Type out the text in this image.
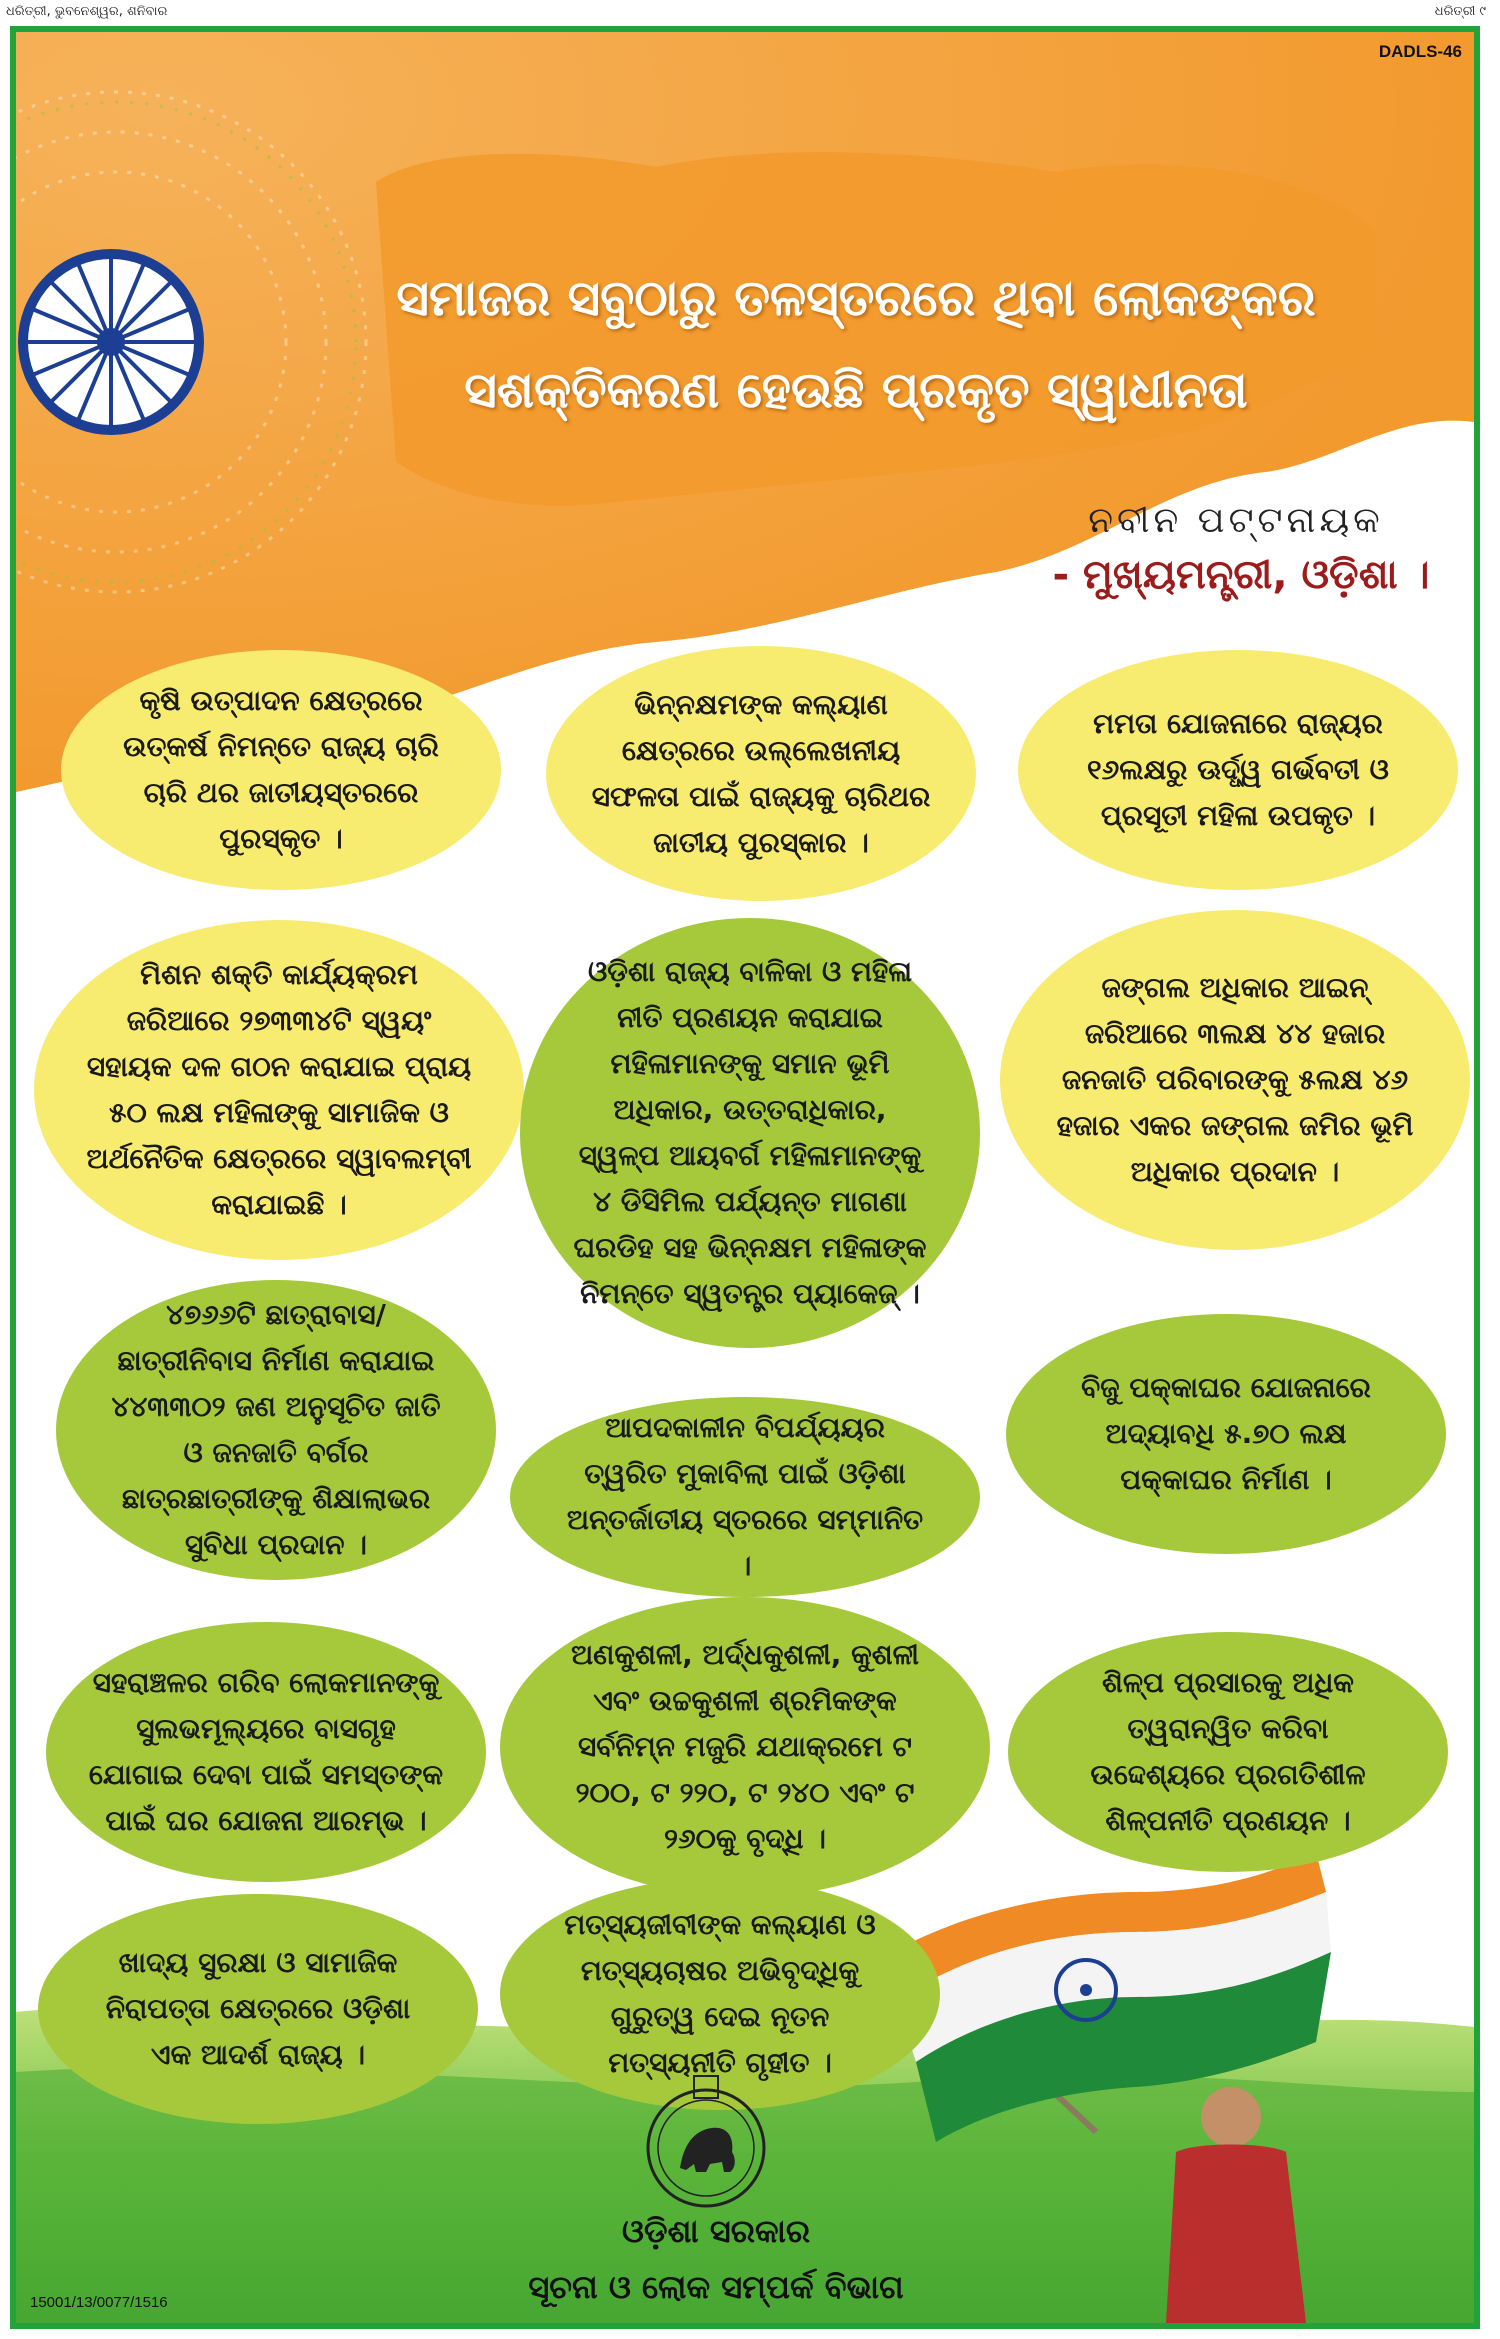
ଧରିତ୍ରୀ, ଭୁବନେଶ୍ୱର, ଶନିବାର	ଧରିତ୍ରୀ ୯
DADLS-46
ସମାଜର ସବୁଠାରୁ ତଳସ୍ତରରେ ଥିବା ଲୋକଙ୍କର
ସଶକ୍ତିକରଣ ହେଉଛି ପ୍ରକୃତ ସ୍ୱାଧୀନତା
ନବୀନ ପଟ୍ଟନାୟକ
- ମୁଖ୍ୟମନ୍ତ୍ରୀ, ଓଡ଼ିଶା ।
କୃଷି ଉତ୍ପାଦନ କ୍ଷେତ୍ରରେ ଉତ୍କର୍ଷ ନିମନ୍ତେ ରାଜ୍ୟ ଚାରି ଚାରି ଥର ଜାତୀୟସ୍ତରରେ ପୁରସ୍କୃତ ।
ଭିନ୍ନକ୍ଷମଙ୍କ କଲ୍ୟାଣ କ୍ଷେତ୍ରରେ ଉଲ୍ଲେଖନୀୟ ସଫଳତା ପାଇଁ ରାଜ୍ୟକୁ ଚାରିଥର ଜାତୀୟ ପୁରସ୍କାର ।
ମମତା ଯୋଜନାରେ ରାଜ୍ୟର ୧୬ଲକ୍ଷରୁ ଊର୍ଦ୍ଧ୍ୱ ଗର୍ଭବତୀ ଓ ପ୍ରସୂତୀ ମହିଳା ଉପକୃତ ।
ମିଶନ ଶକ୍ତି କାର୍ଯ୍ୟକ୍ରମ ଜରିଆରେ ୨୭୩୩୪ଟି ସ୍ୱୟଂ ସହାୟକ ଦଳ ଗଠନ କରାଯାଇ ପ୍ରାୟ ୫୦ ଲକ୍ଷ ମହିଳାଙ୍କୁ ସାମାଜିକ ଓ ଅର୍ଥନୈତିକ କ୍ଷେତ୍ରରେ ସ୍ୱାବଲମ୍ବୀ କରାଯାଇଛି ।
ଓଡ଼ିଶା ରାଜ୍ୟ ବାଳିକା ଓ ମହିଳା ନୀତି ପ୍ରଣୟନ କରାଯାଇ ମହିଳାମାନଙ୍କୁ ସମାନ ଭୂମି ଅଧିକାର, ଉତ୍ତରାଧିକାର, ସ୍ୱଳ୍ପ ଆୟବର୍ଗ ମହିଳାମାନଙ୍କୁ ୪ ଡିସିମିଲ ପର୍ଯ୍ୟନ୍ତ ମାଗଣା ଘରଡିହ ସହ ଭିନ୍ନକ୍ଷମ ମହିଳାଙ୍କ ନିମନ୍ତେ ସ୍ୱତନ୍ତ୍ର ପ୍ୟାକେଜ୍ ।
ଜଙ୍ଗଲ ଅଧିକାର ଆଇନ୍ ଜରିଆରେ ୩ଲକ୍ଷ ୪୪ ହଜାର ଜନଜାତି ପରିବାରଙ୍କୁ ୫ଲକ୍ଷ ୪୬ ହଜାର ଏକର ଜଙ୍ଗଲ ଜମିର ଭୂମି ଅଧିକାର ପ୍ରଦାନ ।
୪୭୬୬ଟି ଛାତ୍ରାବାସ/ଛାତ୍ରୀନିବାସ ନିର୍ମାଣ କରାଯାଇ ୪୪୩୩୦୨ ଜଣ ଅନୁସୂଚିତ ଜାତି ଓ ଜନଜାତି ବର୍ଗର ଛାତ୍ରଛାତ୍ରୀଙ୍କୁ ଶିକ୍ଷାଲାଭର ସୁବିଧା ପ୍ରଦାନ ।
ଆପଦକାଳୀନ ବିପର୍ଯ୍ୟୟର ତ୍ୱରିତ ମୁକାବିଲା ପାଇଁ ଓଡ଼ିଶା ଅନ୍ତର୍ଜାତୀୟ ସ୍ତରରେ ସମ୍ମାନିତ ।
ବିଜୁ ପକ୍କାଘର ଯୋଜନାରେ ଅଦ୍ୟାବଧି ୫.୭୦ ଲକ୍ଷ ପକ୍କାଘର ନିର୍ମାଣ ।
ସହରାଞ୍ଚଳର ଗରିବ ଲୋକମାନଙ୍କୁ ସୁଲଭମୂଲ୍ୟରେ ବାସଗୃହ ଯୋଗାଇ ଦେବା ପାଇଁ ସମସ୍ତଙ୍କ ପାଇଁ ଘର ଯୋଜନା ଆରମ୍ଭ ।
ଅଣକୁଶଳୀ, ଅର୍ଦ୍ଧକୁଶଳୀ, କୁଶଳୀ ଏବଂ ଉଚ୍ଚକୁଶଳୀ ଶ୍ରମିକଙ୍କ ସର୍ବନିମ୍ନ ମଜୁରି ଯଥାକ୍ରମେ ଟ ୨୦୦, ଟ ୨୨୦, ଟ ୨୪୦ ଏବଂ ଟ ୨୬୦କୁ ବୃଦ୍ଧି ।
ଶିଳ୍ପ ପ୍ରସାରକୁ ଅଧିକ ତ୍ୱରାନ୍ୱିତ କରିବା ଉଦ୍ଦେଶ୍ୟରେ ପ୍ରଗତିଶୀଳ ଶିଳ୍ପନୀତି ପ୍ରଣୟନ ।
ଖାଦ୍ୟ ସୁରକ୍ଷା ଓ ସାମାଜିକ ନିରାପତ୍ତା କ୍ଷେତ୍ରରେ ଓଡ଼ିଶା ଏକ ଆଦର୍ଶ ରାଜ୍ୟ ।
ମତ୍ସ୍ୟଜୀବୀଙ୍କ କଲ୍ୟାଣ ଓ ମତ୍ସ୍ୟଚାଷର ଅଭିବୃଦ୍ଧିକୁ ଗୁରୁତ୍ୱ ଦେଇ ନୂତନ ମତ୍ସ୍ୟନୀତି ଗୃହୀତ ।
ଓଡ଼ିଶା ସରକାର
ସୂଚନା ଓ ଲୋକ ସମ୍ପର୍କ ବିଭାଗ
15001/13/0077/1516
